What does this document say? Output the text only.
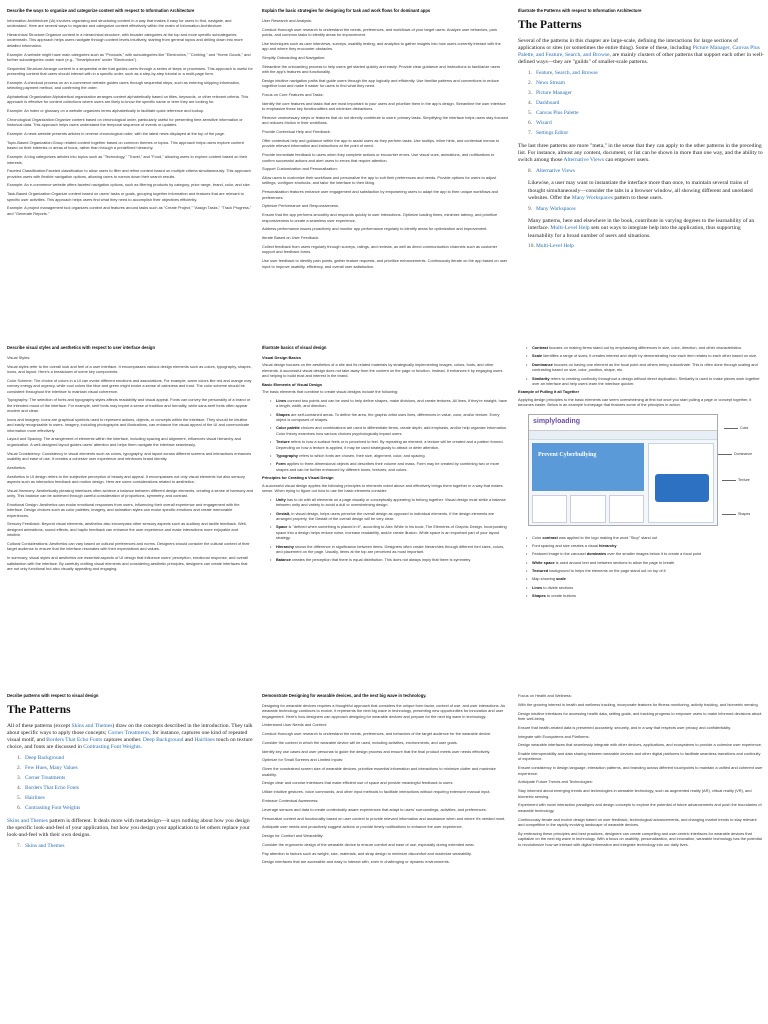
Describe the ways to organize and categorize content with respect to Information Architecture

Information Architecture (IA) involves organizing and structuring content in a way that makes it easy for users to find, navigate, and understand. Here are several ways to organize and categorize content effectively within the realm of Information Architecture:

Hierarchical Structure:Organize content in a hierarchical structure, with broader categories at the top and more specific subcategories underneath. This approach helps users navigate through content levels intuitively, starting from general topics and drilling down into more detailed information.

Example: A website might have main categories such as "Products," with subcategories like "Electronics," "Clothing," and "Home Goods," and further subcategories under each (e.g., "Smartphones" under "Electronics").

Sequential Structure:Arrange content in a sequential order that guides users through a series of steps or processes. This approach is useful for presenting content that users should interact with in a specific order, such as a step-by-step tutorial or a multi-page form.

Example: A checkout process on an e-commerce website guides users through sequential steps, such as entering shipping information, selecting payment method, and confirming the order.

Alphabetical Organization:Alphabetical organization arranges content alphabetically based on titles, keywords, or other relevant criteria. This approach is effective for content collections where users are likely to know the specific name or term they are looking for.

Example: An index or glossary on a website organizes terms alphabetically to facilitate quick reference and lookup.

Chronological Organization:Organize content based on chronological order, particularly useful for presenting time-sensitive information or historical data. This approach helps users understand the temporal sequence of events or updates.

Example: A news website presents articles in reverse chronological order, with the latest news displayed at the top of the page.

Topic-Based Organization:Group related content together based on common themes or topics. This approach helps users explore content based on their interests or areas of focus, rather than through a predefined hierarchy.

Example: A blog categorizes articles into topics such as "Technology," "Travel," and "Food," allowing users to explore content based on their interests.

Faceted Classification:Faceted classification to allow users to filter and refine content based on multiple criteria simultaneously. This approach provides users with flexible navigation options, allowing users to narrow down their search results.

Example: An e-commerce website offers faceted navigation options, such as filtering products by category, price range, brand, color, and size.

Task-Based Organization:Organize content based on users' tasks or goals, grouping together information and features that are relevant to specific user activities. This approach helps users find what they need to accomplish their objectives efficiently.

Example: A project management tool organizes content and features around tasks such as "Create Project," "Assign Tasks," "Track Progress," and "Generate Reports."

Explain the basic strategies for designing for task and work flows for dominant apps

User Research and Analysis:

Conduct thorough user research to understand the needs, preferences, and workflows of your target users. Analyze user behaviors, pain points, and common tasks to identify areas for improvement.

Use techniques such as user interviews, surveys, usability testing, and analytics to gather insights into how users currently interact with the app and where they encounter obstacles.

Simplify Onboarding and Navigation:

Streamline the onboarding process to help users get started quickly and easily. Provide clear guidance and instructions to familiarize users with the app's features and functionality.

Design intuitive navigation paths that guide users through the app logically and efficiently. Use familiar patterns and conventions to reduce cognitive load and make it easier for users to find what they need.

Focus on Core Features and Tasks:

Identify the core features and tasks that are most important to your users and prioritize them in the app's design. Streamline the user interface to emphasize these key functionalities and minimize distractions.

Remove unnecessary steps or features that do not directly contribute to users' primary tasks. Simplifying the interface helps users stay focused and reduces friction in their workflows.

Provide Contextual Help and Feedback:

Offer contextual help and guidance within the app to assist users as they perform tasks. Use tooltips, inline hints, and contextual menus to provide relevant information and instructions at the point of need.

Provide immediate feedback to users when they complete actions or encounter errors. Use visual cues, animations, and notifications to confirm successful actions and alert users to errors that require attention.

Support Customization and Personalization:

Allow users to customize their workflows and personalize the app to suit their preferences and needs. Provide options for users to adjust settings, configure shortcuts, and tailor the interface to their liking.

Personalization features enhance user engagement and satisfaction by empowering users to adapt the app to their unique workflows and preferences.

Optimize Performance and Responsiveness.

Ensure that the app performs smoothly and responds quickly to user interactions. Optimize loading times, minimize latency, and prioritize responsiveness to create a seamless user experience.

Address performance issues proactively and monitor app performance regularly to identify areas for optimization and improvement.

Iterate Based on User Feedback:

Collect feedback from users regularly through surveys, ratings, and reviews, as well as direct communication channels such as customer support and feedback forms.

Use user feedback to identify pain points, gather feature requests, and prioritize enhancements. Continuously iterate on the app based on user input to improve usability, efficiency, and overall user satisfaction.

Illustrate the Patterns with respect to Information Architecture
The Patterns

Several of the patterns in this chapter are large-scale, defining the interactions for large sections of applications or sites (or sometimes the entire thing). Some of these, including Picture Manager, Canvas Plus Palette, and Feature, Search, and Browse, are mainly clusters of other patterns that support each other in well-defined ways—they are "guilds" of smaller-scale patterns.

1. Feature, Search, and Browse
2. News Stream
3. Picture Manager
4. Dashboard
5. Canvas Plus Palette
6. Wizard
7. Settings Editor

The last three patterns are more "meta," in the sense that they can apply to the other patterns in the preceding list. For instance, almost any content, document, or list can be shown in more than one way, and the ability to switch among those Alternative Views can empower users.

8. Alternative Views

Likewise, a user may want to instantiate the interface more than once, to maintain several trains of thought simultaneously—consider the tabs in a browser window, all showing different and unrelated websites. Offer the Many Workspaces pattern to these users.

9. Many Workspaces

Many patterns, here and elsewhere in the book, contribute in varying degrees to the learnability of an interface. Multi-Level Help sets out ways to integrate help into the application, thus supporting learnability for a broad number of users and situations.

10.Multi-Level Help
Describe visual styles and aesthetics with respect to user interface design

Visual Styles:

Visual styles refer to the overall look and feel of a user interface. It encompasses various design elements such as colors, typography, shapes, icons, and layout. Here's a breakdown of some key components:

Color Scheme: The choice of colors in a UI can evoke different emotions and associations. For example, warm colors like red and orange may convey energy and urgency, while cool colors like blue and green might evoke a sense of calmness and trust. The color scheme should be consistent throughout the interface to maintain visual coherence.

Typography: The selection of fonts and typography styles affects readability and visual appeal. Fonts can convey the personality of a brand or the intended mood of the interface. For example, serif fonts may impart a sense of tradition and formality, while sans-serif fonts often appear modern and clean.

Icons and Imagery: Icons are graphical symbols used to represent actions, objects, or concepts within the interface. They should be intuitive and easily recognizable to users. Imagery, including photographs and illustrations, can enhance the visual appeal of the UI and communicate information more effectively.

Layout and Spacing: The arrangement of elements within the interface, including spacing and alignment, influences visual hierarchy and organization. A well-designed layout guides users' attention and helps them navigate the interface seamlessly.

Visual Consistency: Consistency in visual elements such as colors, typography, and layout across different screens and interactions enhances usability and ease of use. It creates a cohesive user experience and reinforces brand identity.

Aesthetics:

Aesthetics in UI design refers to the subjective perception of beauty and appeal. It encompasses not only visual elements but also sensory aspects such as interaction feedback and motion design. Here are some considerations related to aesthetics:

Visual Harmony: Aesthetically pleasing interfaces often achieve a balance between different design elements, creating a sense of harmony and unity. This balance can be achieved through careful consideration of proportions, symmetry, and contrast.

Emotional Design: Aesthetics can evoke emotional responses from users, influencing their overall experience and engagement with the interface. Design choices such as color palettes, imagery, and animation styles can evoke specific emotions and create memorable experiences.

Sensory Feedback: Beyond visual elements, aesthetics also encompass other sensory aspects such as auditory and tactile feedback. Well-designed animations, sound effects, and haptic feedback can enhance the user experience and make interactions more enjoyable and intuitive.

Cultural Considerations: Aesthetics can vary based on cultural preferences and norms. Designers should consider the cultural context of their target audience to ensure that the interface resonates with their expectations and values.

In summary, visual styles and aesthetics are essential aspects of UI design that influence users' perception, emotional response, and overall satisfaction with the interface. By carefully crafting visual elements and considering aesthetic principles, designers can create interfaces that are not only functional but also visually appealing and engaging.

Illustrate basics of visual design
Visual Design Basics

Visual design focuses on the aesthetics of a site and its related materials by strategically implementing images, colors, fonts, and other elements. A successful visual design does not take away from the content on the page or function. Instead, it enhances it by engaging users and helping to build trust and interest in the brand.

Basic Elements of Visual Design

The basic elements that combine to create visual designs include the following:

• Lines connect two points and can be used to help define shapes, make divisions, and create textures. All lines, if they're straight, have a length, width, and direction.
• Shapes are self-contained areas. To define the area, the graphic artist uses lines, differences in value, color, and/or texture. Every object is composed of shapes.
• Color palette choices and combinations are used to differentiate items, create depth, add emphasis, and/or help organize information. Color theory examines how various choices psychologically impact users.
• Texture refers to how a surface feels or is perceived to feel. By repeating an element, a texture will be created and a pattern formed. Depending on how a texture is applied, it may be used strategically to attract or deter attention.
• Typography refers to which fonts are chosen, their size, alignment, color, and spacing.
• Form applies to three-dimensional objects and describes their volume and mass. Form may be created by combining two or more shapes and can be further enhanced by different tones, textures, and colors.
Principles for Creating a Visual Design

A successful visual design applies the following principles to elements noted above and effectively brings them together in a way that makes sense. When trying to figure out how to use the basic elements consider:

• Unity has to do with all elements on a page visually or conceptually appearing to belong together. Visual design must strike a balance between unity and variety to avoid a dull or overwhelming design.
• Gestalt, in visual design, helps users perceive the overall design as opposed to individual elements. If the design elements are arranged properly, the Gestalt of the overall design will be very clear.
• Space is "defined when something is placed in it", according to Alex White in his book, The Elements of Graphic Design. Incorporating space into a design helps reduce noise, increase readability, and/or create illusion. White space is an important part of your layout strategy.
• Hierarchy shows the difference in significance between items. Designers often create hierarchies through different font sizes, colors, and placement on the page. Usually, items at the top are perceived as most important.
• Balance creates the perception that there is equal distribution. This does not always imply that there is symmetry.
• Contrast focuses on making items stand out by emphasizing differences in size, color, direction, and other characteristics.
• Scale identifies a range of sizes; it creates interest and depth by demonstrating how each item relates to each other based on size.
• Dominance focuses on having one element as the focal point and others being subordinate. This is often done through scaling and contrasting based on size, color, position, shape, etc.
• Similarity refers to creating continuity throughout a design without direct duplication. Similarity is used to make pieces work together over an interface and help users learn the interface quicker.
Example of Pulling it all Together

Applying design principles to the basic elements can seem overwhelming at first but once you start pulling a page or concept together, it becomes easier. Below is an example homepage that features some of the principles in action.

simplyloading
Prevent Cyberbullying
Color
Dominance
Texture
Shapes
• Color contrast was applied to the logo making the word "Stop" stand out
• Font spacing and size creates a visual hierarchy
• Featured image in the carousel dominates over the smaller images below it to create a focal point
• White space is used around text and between sections to allow the page to breath
• Textured background to helps the elements on the page stand out on top of it
• Map showing scale
• Lines to divide sections
• Shapes to create buttons
Decribe patterns with respect to visual design
The Patterns

All of these patterns (except Skins and Themes) draw on the concepts described in the introduction. They talk about specific ways to apply those concepts; Corner Treatments, for instance, captures one kind of repeated visual motif, and Borders That Echo Fonts captures another. Deep Background and Hairlines touch on texture choice, and fonts are discussed in Contrasting Font Weights.

1. Deep Background
2. Few Hues, Many Values
3. Corner Treatments
4. Borders That Echo Fonts
5. Hairlines
6. Contrasting Font Weights

Skins and Themes pattern is different. It deals more with metadesign—it says nothing about how you design the specific look-and-feel of your application, but how you design your application to let others replace your look-and-feel with their own designs.

7. Skins and Themes
Demonstrate Designing for wearable devices, and the next big wave in technology.

Designing for wearable devices requires a thoughtful approach that considers the unique form factor, context of use, and user interactions. As wearable technology continues to evolve, it represents the next big wave in technology, presenting new opportunities for innovation and user engagement. Here's how designers can approach designing for wearable devices and prepare for the next big wave in technology:

Understand User Needs and Context:

Conduct thorough user research to understand the needs, preferences, and behaviors of the target audience for the wearable device.

Consider the context in which the wearable device will be used, including activities, environments, and user goals.

Identify key use cases and user personas to guide the design process and ensure that the final product meets user needs effectively.

Optimize for Small Screens and Limited Inputs:

Given the constrained screen size of wearable devices, prioritize essential information and interactions to minimize clutter and maximize usability.

Design clear and concise interfaces that make efficient use of space and provide meaningful feedback to users.

Utilize intuitive gestures, voice commands, and other input methods to facilitate interactions without requiring extensive manual input.

Embrace Contextual Awareness:

Leverage sensors and data to create contextually aware experiences that adapt to users' surroundings, activities, and preferences.

Personalize content and functionality based on user context to provide relevant information and assistance when and where it's needed most.

Anticipate user needs and proactively suggest actions or provide timely notifications to enhance the user experience.

Design for Comfort and Wearability:

Consider the ergonomic design of the wearable device to ensure comfort and ease of use, especially during extended wear.

Pay attention to factors such as weight, size, materials, and strap design to minimize discomfort and maximize wearability.

Design interfaces that are accessible and easy to interact with, even in challenging or dynamic environments.

Focus on Health and Wellness:

With the growing interest in health and wellness tracking, incorporate features for fitness monitoring, activity tracking, and biometric sensing.

Design intuitive interfaces for accessing health data, setting goals, and tracking progress to empower users to make informed decisions about their well-being.

Ensure that health-related data is presented accurately, securely, and in a way that respects user privacy and confidentiality.

Integrate with Ecosystems and Platforms:

Design wearable interfaces that seamlessly integrate with other devices, applications, and ecosystems to provide a cohesive user experience.

Enable interoperability and data sharing between wearable devices and other digital platforms to facilitate seamless transitions and continuity of experience.

Ensure consistency in design language, interaction patterns, and branding across different touchpoints to maintain a unified and coherent user experience.

Anticipate Future Trends and Technologies:

Stay informed about emerging trends and technologies in wearable technology, such as augmented reality (AR), virtual reality (VR), and biometric sensing.

Experiment with novel interaction paradigms and design concepts to explore the potential of future advancements and push the boundaries of wearable technology.

Continuously iterate and evolve design based on user feedback, technological advancements, and changing market trends to stay relevant and competitive in the rapidly evolving landscape of wearable devices.

By embracing these principles and best practices, designers can create compelling and user-centric interfaces for wearable devices that capitalize on the next big wave in technology. With a focus on usability, personalization, and innovation, wearable technology has the potential to revolutionize how we interact with digital information and integrate technology into our daily lives.
